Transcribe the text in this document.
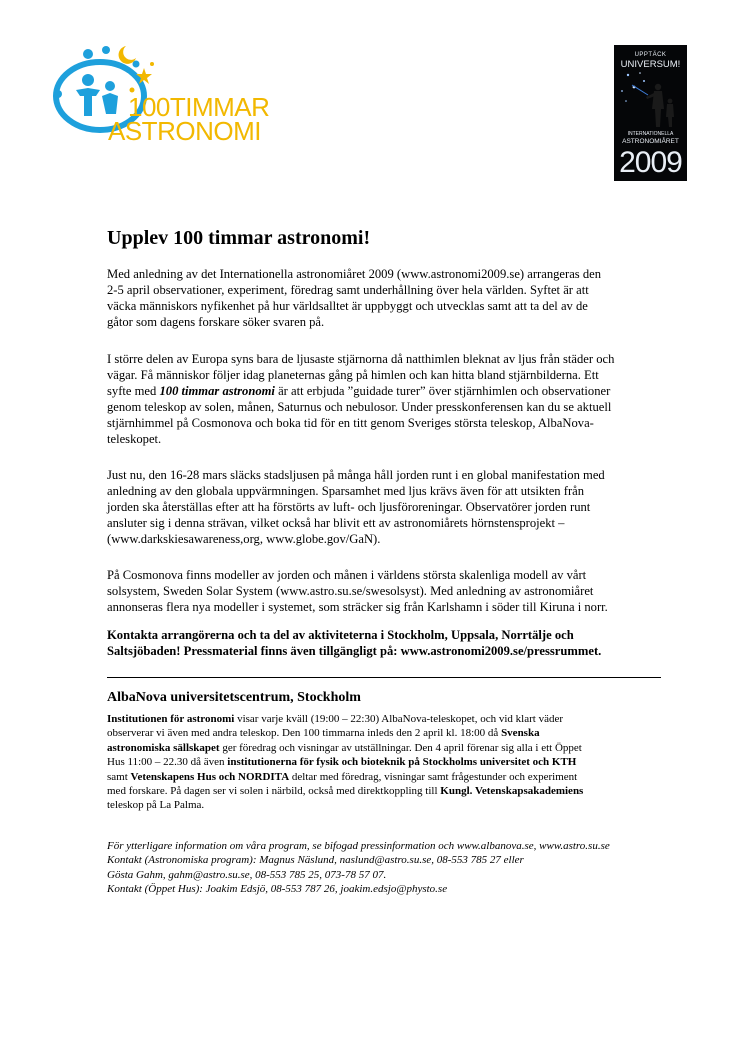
100TIMMAR
ASTRONOMI
UPPTÄCK
UNIVERSUM!
INTERNATIONELLA
ASTRONOMIÅRET
2009
Upplev 100 timmar astronomi!

Med anledning av det Internationella astronomiåret 2009 (www.astronomi2009.se) arrangeras den
2-5 april observationer, experiment, föredrag samt underhållning över hela världen. Syftet är att
väcka människors nyfikenhet på hur världsalltet är uppbyggt och utvecklas samt att ta del av de
gåtor som dagens forskare söker svaren på.

I större delen av Europa syns bara de ljusaste stjärnorna då natthimlen bleknat av ljus från städer och
vägar. Få människor följer idag planeternas gång på himlen och kan hitta bland stjärnbilderna. Ett
syfte med 100 timmar astronomi är att erbjuda ”guidade turer” över stjärnhimlen och observationer
genom teleskop av solen, månen, Saturnus och nebulosor. Under presskonferensen kan du se aktuell
stjärnhimmel på Cosmonova och boka tid för en titt genom Sveriges största teleskop, AlbaNova-
teleskopet.

Just nu, den 16-28 mars släcks stadsljusen på många håll jorden runt i en global manifestation med
anledning av den globala uppvärmningen. Sparsamhet med ljus krävs även för att utsikten från
jorden ska återställas efter att ha förstörts av luft- och ljusföroreningar. Observatörer jorden runt
ansluter sig i denna strävan, vilket också har blivit ett av astronomiårets hörnstensprojekt –
(www.darkskiesawareness,org, www.globe.gov/GaN).

På Cosmonova finns modeller av jorden och månen i världens största skalenliga modell av vårt
solsystem, Sweden Solar System (www.astro.su.se/swesolsyst). Med anledning av astronomiåret
annonseras flera nya modeller i systemet, som sträcker sig från Karlshamn i söder till Kiruna i norr.

Kontakta arrangörerna och ta del av aktiviteterna i Stockholm, Uppsala, Norrtälje och
Saltsjöbaden! Pressmaterial finns även tillgängligt på: www.astronomi2009.se/pressrummet.

AlbaNova universitetscentrum, Stockholm

Institutionen för astronomi visar varje kväll (19:00 – 22:30) AlbaNova-teleskopet, och vid klart väder
observerar vi även med andra teleskop. Den 100 timmarna inleds den 2 april kl. 18:00 då Svenska
astronomiska sällskapet ger föredrag och visningar av utställningar. Den 4 april förenar sig alla i ett Öppet
Hus 11:00 – 22.30 då även institutionerna för fysik och bioteknik på Stockholms universitet och KTH
samt Vetenskapens Hus och NORDITA deltar med föredrag, visningar samt frågestunder och experiment
med forskare. På dagen ser vi solen i närbild, också med direktkoppling till Kungl. Vetenskapsakademiens
teleskop på La Palma.

För ytterligare information om våra program, se bifogad pressinformation och www.albanova.se, www.astro.su.se
Kontakt (Astronomiska program): Magnus Näslund, naslund@astro.su.se, 08-553 785 27 eller
Gösta Gahm, gahm@astro.su.se, 08-553 785 25, 073-78 57 07.
Kontakt (Öppet Hus): Joakim Edsjö, 08-553 787 26, joakim.edsjo@physto.se
